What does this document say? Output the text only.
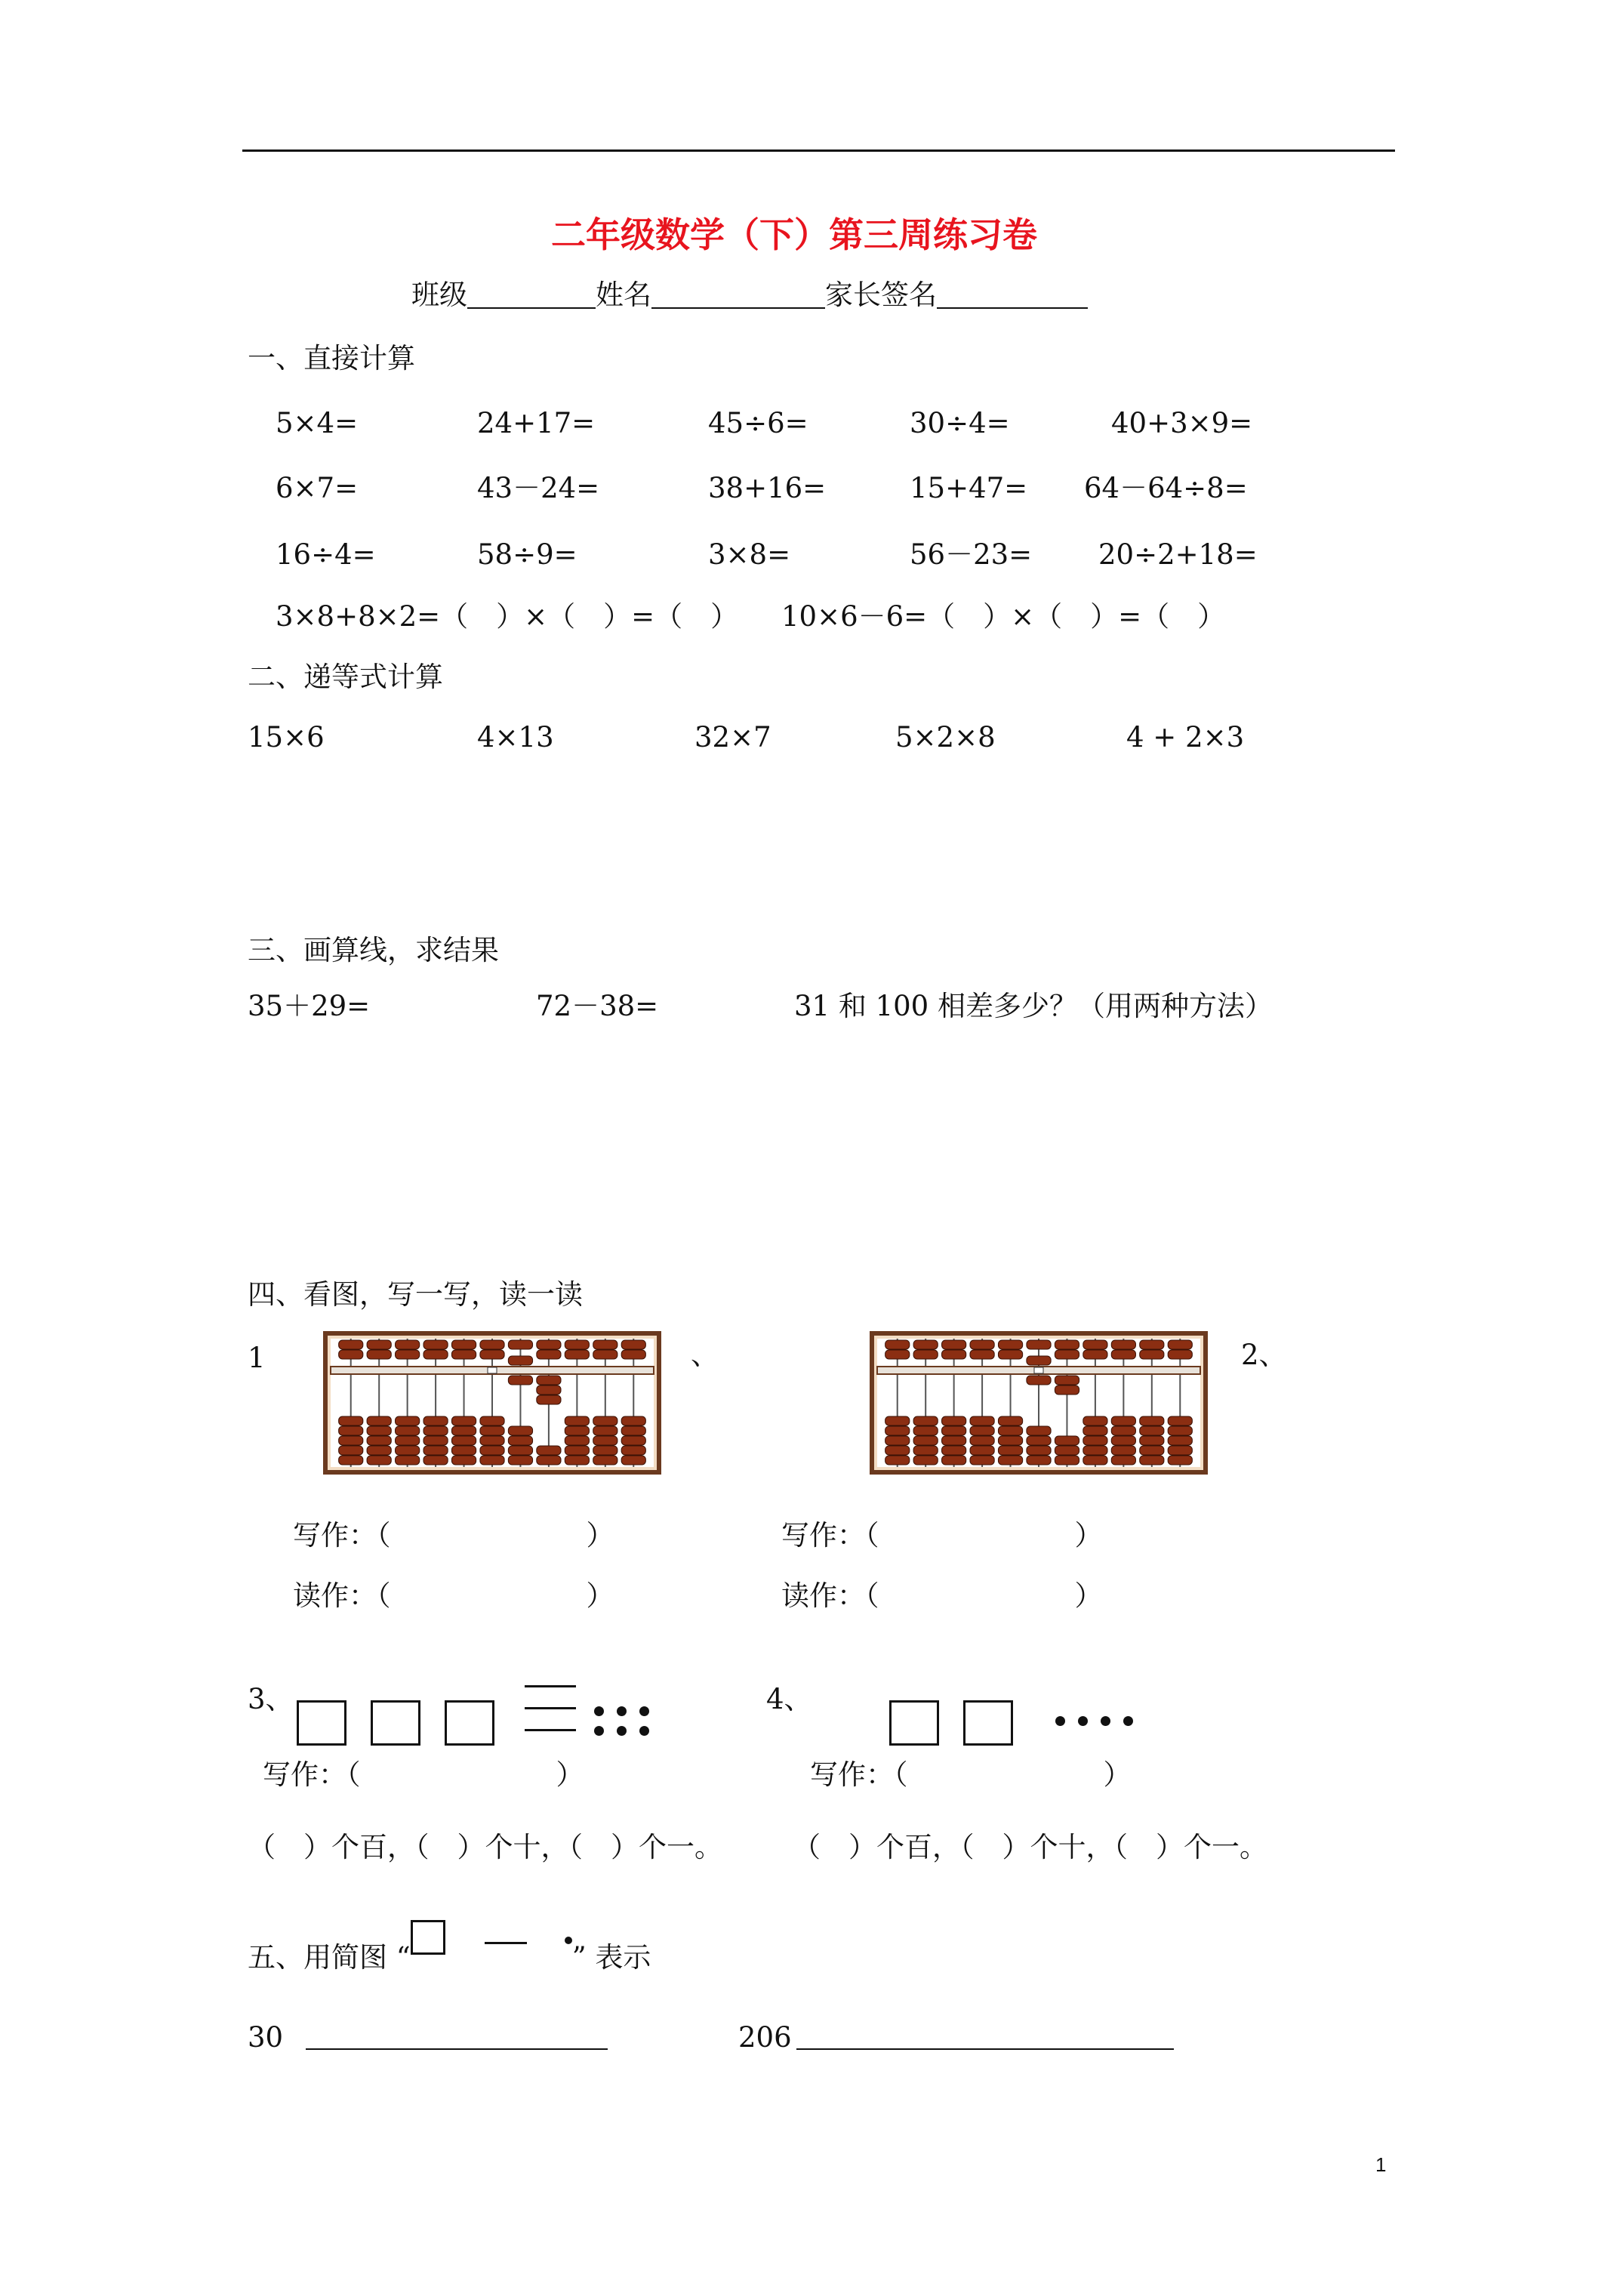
二年级数学（下）第三周练习卷
班级	姓名	家长签名
一、直接计算
5×4=	24+17=	45÷6=	30÷4=	40+3×9=
6×7=	43－24=	38+16=	15+47= 64－64÷8=
16÷4=	58÷9=	3×8=	56－23= 20÷2+18=
3×8+8×2=（　）×（　）=（　） 10×6－6=（　）×（　）=（　）
二、递等式计算
15×6	4×13	32×7	5×2×8	4 + 2×3
三、画算线，求结果
35＋29=	72－38=	31 和 100 相差多少？（用两种方法）
四、看图，写一写，读一读
1	、	2、
写作：（　　　　　　　）
读作：（　　　　　　　）
写作：（　　　　　　　）
读作：（　　　　　　　）
3、	4、
写作：（　　　　　　　）	写作：（　　　　　　　）
（　）个百，（　）个十，（　）个一。	（　）个百，（　）个十，（　）个一。
五、用简图 “	” 表示
30	206
1
